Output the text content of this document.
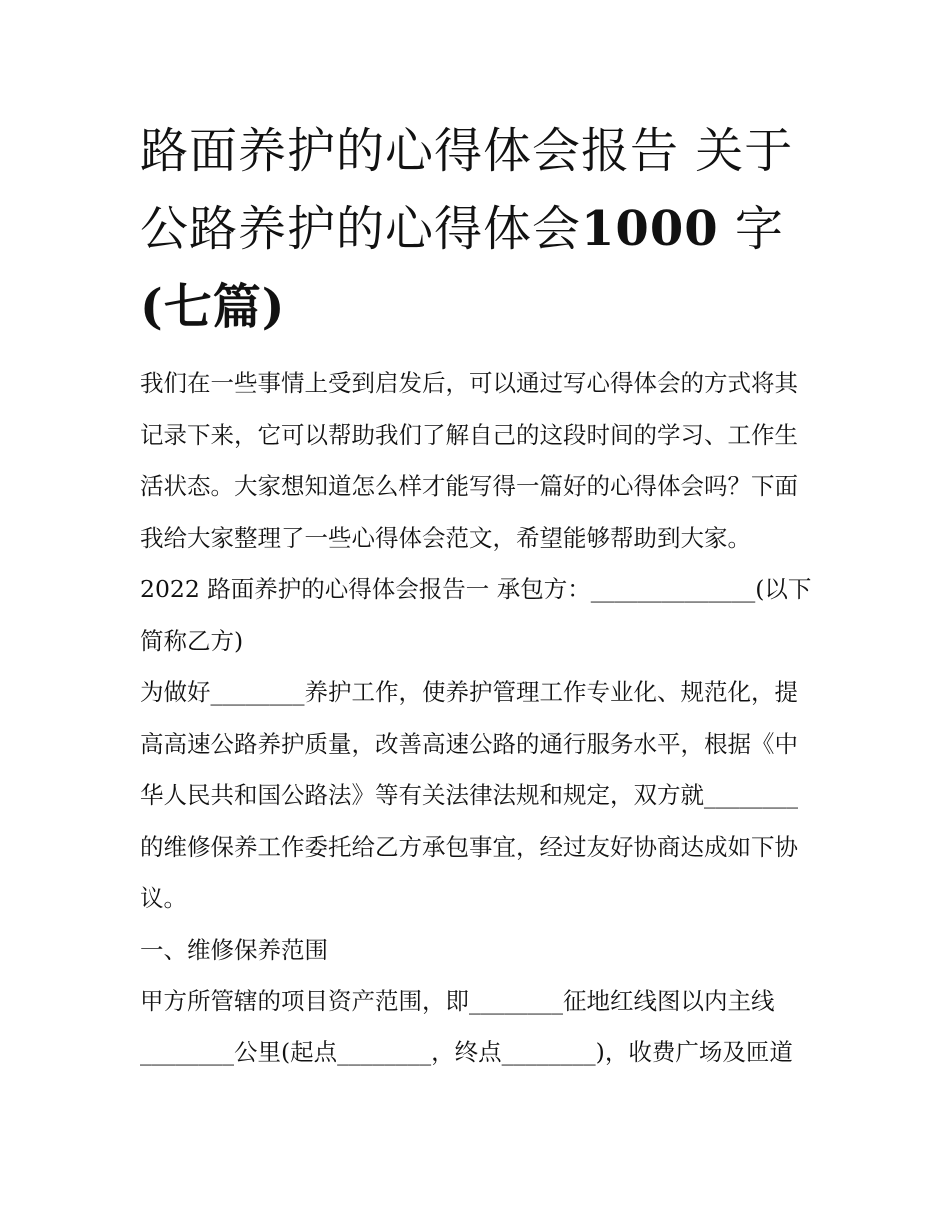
路面养护的心得体会报告 关于
公路养护的心得体会1000 字
(七篇)

我们在一些事情上受到启发后，可以通过写心得体会的方式将其记录下来，它可以帮助我们了解自己的这段时间的学习、工作生活状态。大家想知道怎么样才能写得一篇好的心得体会吗？下面我给大家整理了一些心得体会范文，希望能够帮助到大家。

2022 路面养护的心得体会报告一 承包方：______________(以下简称乙方)

为做好________养护工作，使养护管理工作专业化、规范化，提高高速公路养护质量，改善高速公路的通行服务水平，根据《中华人民共和国公路法》等有关法律法规和规定，双方就________的维修保养工作委托给乙方承包事宜，经过友好协商达成如下协议。

一、维修保养范围

甲方所管辖的项目资产范围，即________征地红线图以内主线________公里(起点________，终点________)，收费广场及匝道
